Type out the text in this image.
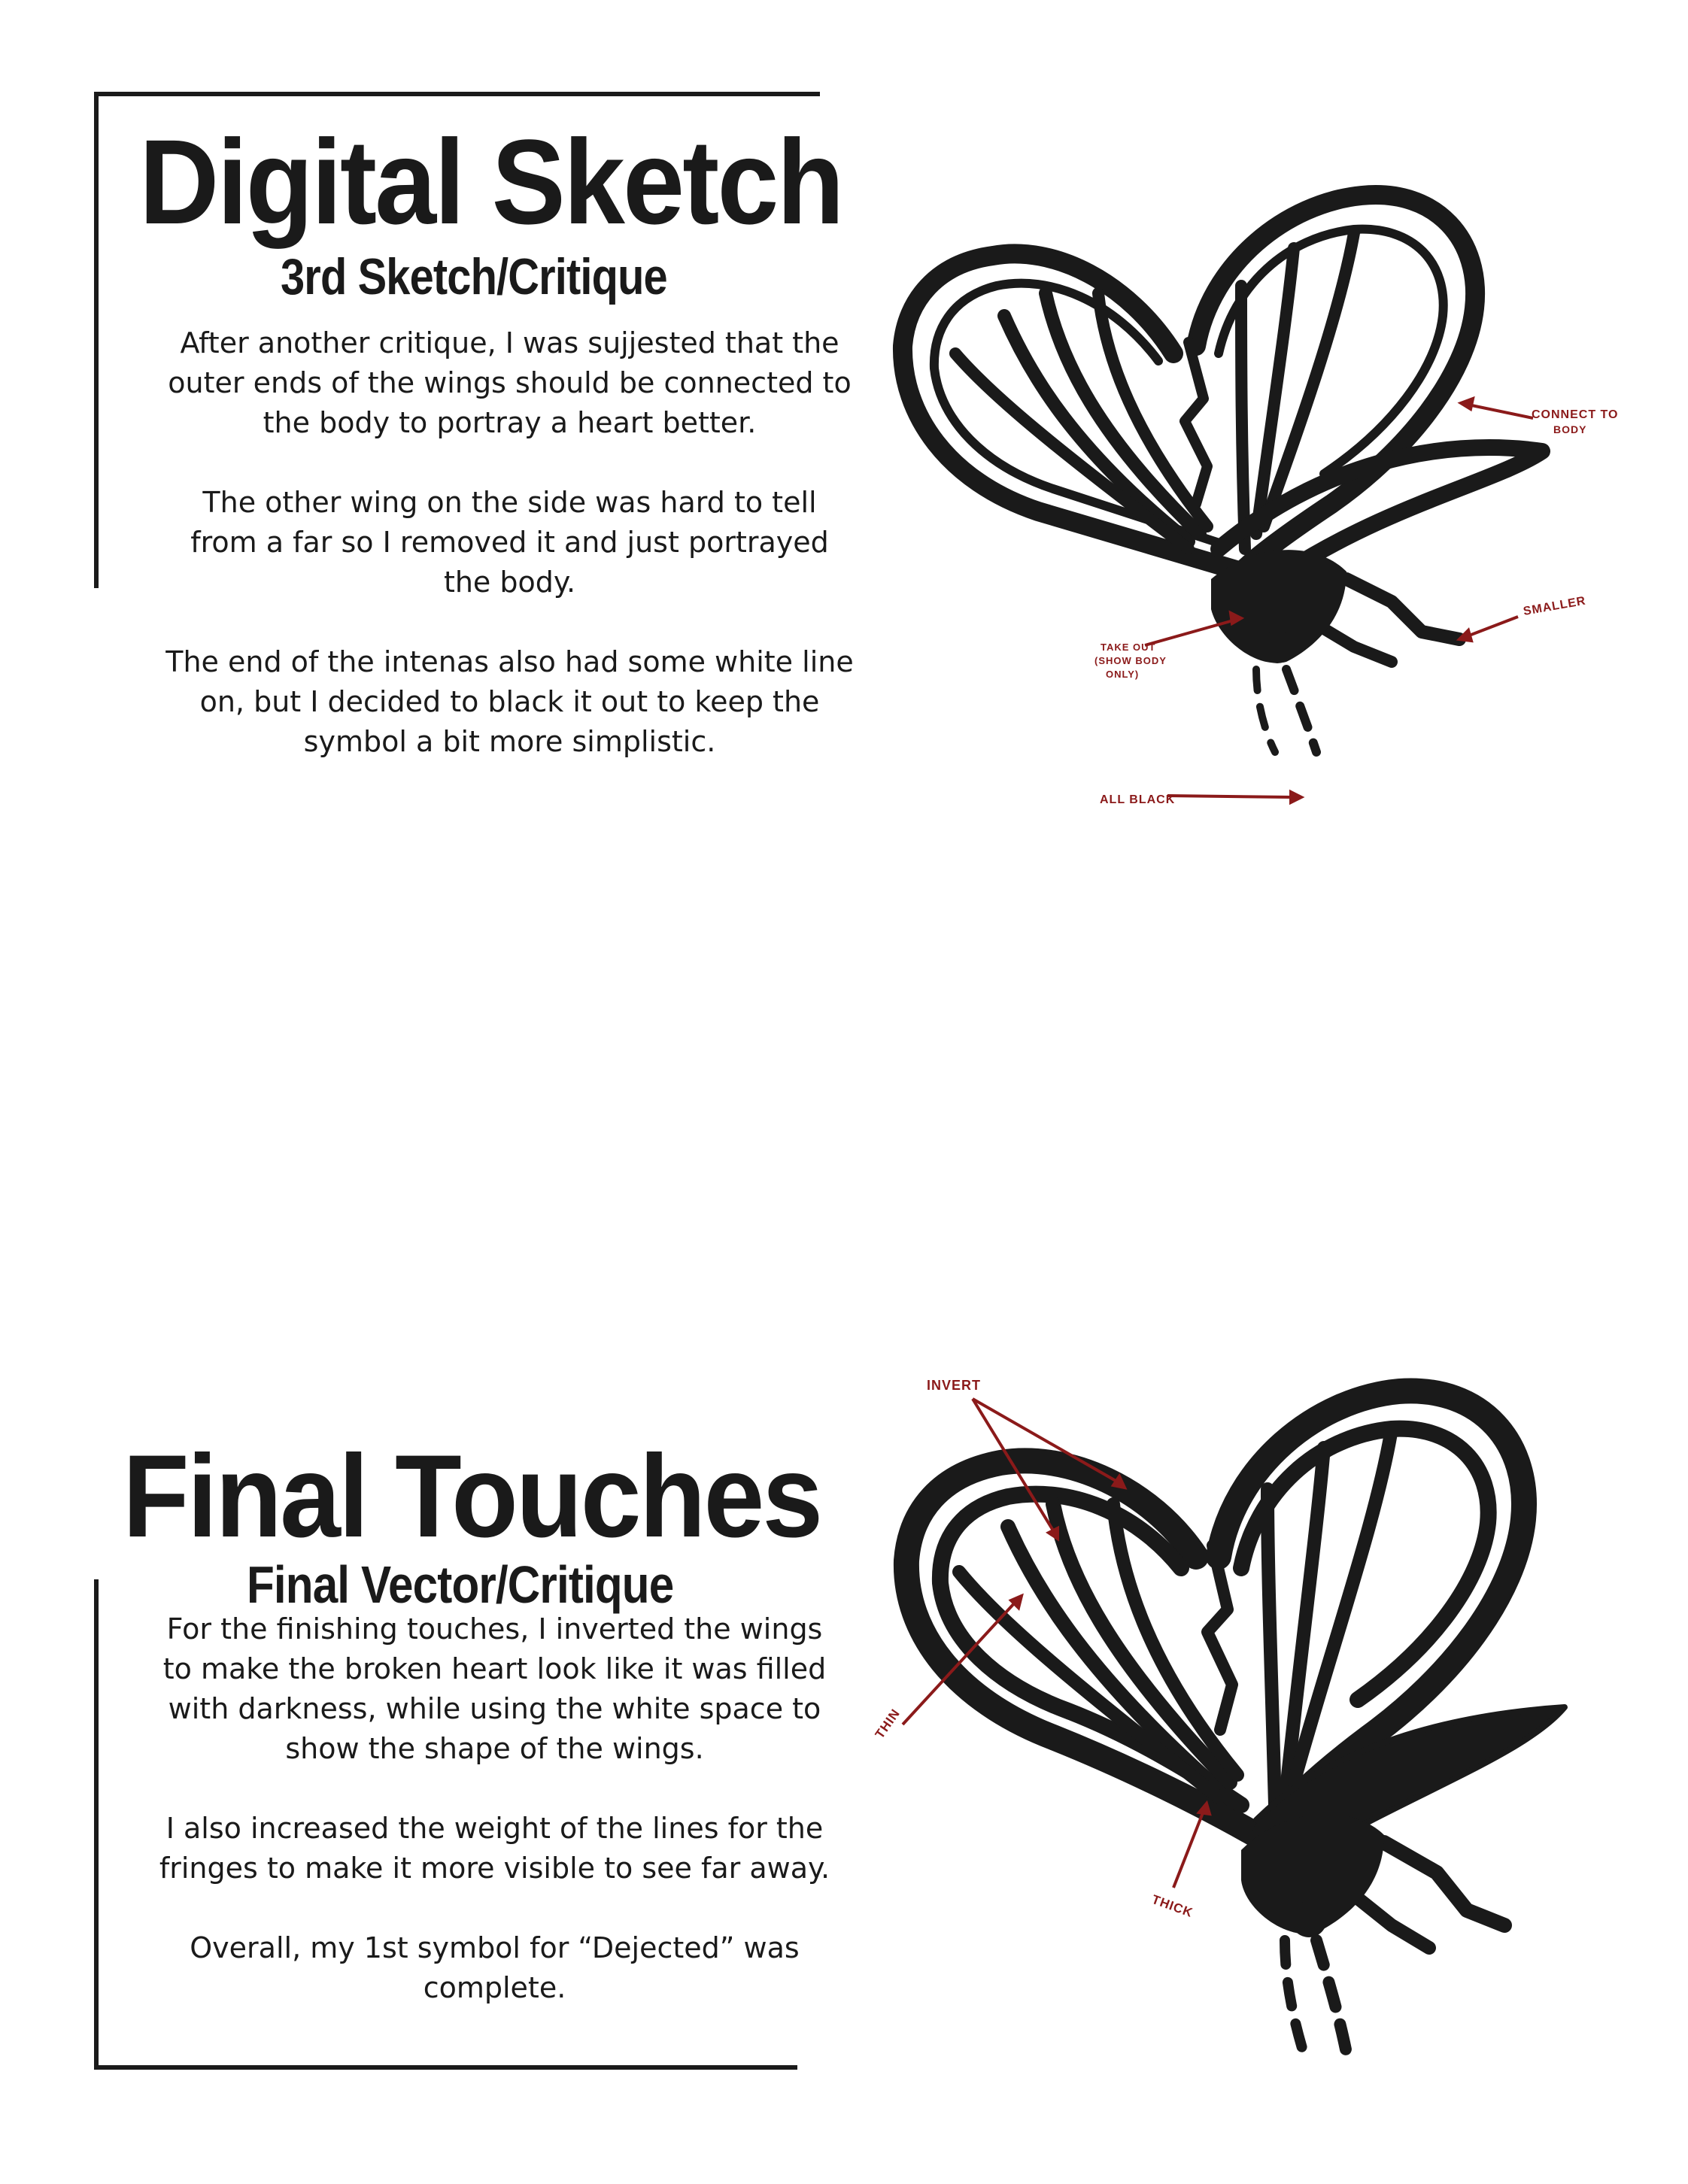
Digital Sketch
3rd Sketch/Critique

After another critique, I was sujjested that the outer ends of the wings should be connected to the body to portray a heart better.

The other wing on the side was hard to tell from a far so I removed it and just portrayed the body.

The end of the intenas also had some white line on, but I decided to black it out to keep the symbol a bit more simplistic.

CONNECT TO
BODY
SMALLER
TAKE OUT
(SHOW BODY
ONLY)
ALL BLACK
Final Touches
Final Vector/Critique

For the finishing touches, I inverted the wings to make the broken heart look like it was filled with darkness, while using the white space to show the shape of the wings.

I also increased the weight of the lines for the fringes to make it more visible to see far away.

Overall, my 1st symbol for “Dejected” was complete.

INVERT
THIN
THICK
